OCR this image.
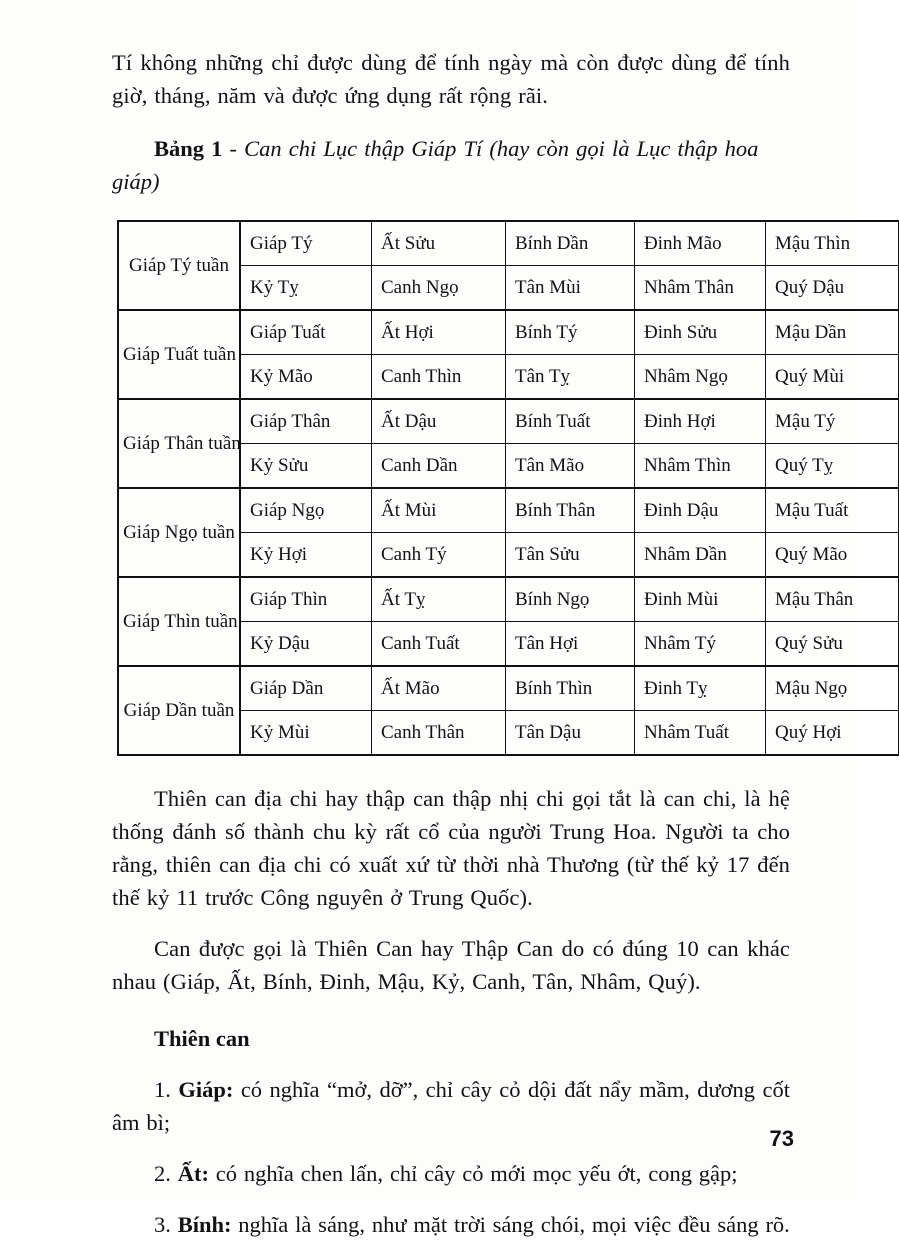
Tí không những chỉ được dùng để tính ngày mà còn được dùng để tính giờ, tháng, năm và được ứng dụng rất rộng rãi.

Bảng 1 - Can chi Lục thập Giáp Tí (hay còn gọi là Lục thập hoa giáp)

Giáp Tý tuần	Giáp Tý	Ất Sửu	Bính Dần	Đinh Mão	Mậu Thìn
	Kỷ Tỵ	Canh Ngọ	Tân Mùi	Nhâm Thân	Quý Dậu
Giáp Tuất tuần	Giáp Tuất	Ất Hợi	Bính Tý	Đinh Sửu	Mậu Dần
	Kỷ Mão	Canh Thìn	Tân Tỵ	Nhâm Ngọ	Quý Mùi
Giáp Thân tuần	Giáp Thân	Ất Dậu	Bính Tuất	Đinh Hợi	Mậu Tý
	Kỷ Sửu	Canh Dần	Tân Mão	Nhâm Thìn	Quý Tỵ
Giáp Ngọ tuần	Giáp Ngọ	Ất Mùi	Bính Thân	Đinh Dậu	Mậu Tuất
	Kỷ Hợi	Canh Tý	Tân Sửu	Nhâm Dần	Quý Mão
Giáp Thìn tuần	Giáp Thìn	Ất Tỵ	Bính Ngọ	Đinh Mùi	Mậu Thân
	Kỷ Dậu	Canh Tuất	Tân Hợi	Nhâm Tý	Quý Sửu
Giáp Dần tuần	Giáp Dần	Ất Mão	Bính Thìn	Đinh Tỵ	Mậu Ngọ
	Kỷ Mùi	Canh Thân	Tân Dậu	Nhâm Tuất	Quý Hợi

Thiên can địa chi hay thập can thập nhị chi gọi tắt là can chi, là hệ thống đánh số thành chu kỳ rất cổ của người Trung Hoa. Người ta cho rằng, thiên can địa chi có xuất xứ từ thời nhà Thương (từ thế kỷ 17 đến thế kỷ 11 trước Công nguyên ở Trung Quốc).

Can được gọi là Thiên Can hay Thập Can do có đúng 10 can khác nhau (Giáp, Ất, Bính, Đinh, Mậu, Kỷ, Canh, Tân, Nhâm, Quý).

Thiên can

1. Giáp: có nghĩa “mở, dỡ”, chỉ cây cỏ dội đất nẩy mầm, dương cốt âm bì;

2. Ất: có nghĩa chen lấn, chỉ cây cỏ mới mọc yếu ớt, cong gập;

3. Bính: nghĩa là sáng, như mặt trời sáng chói, mọi việc đều sáng rõ.

73
